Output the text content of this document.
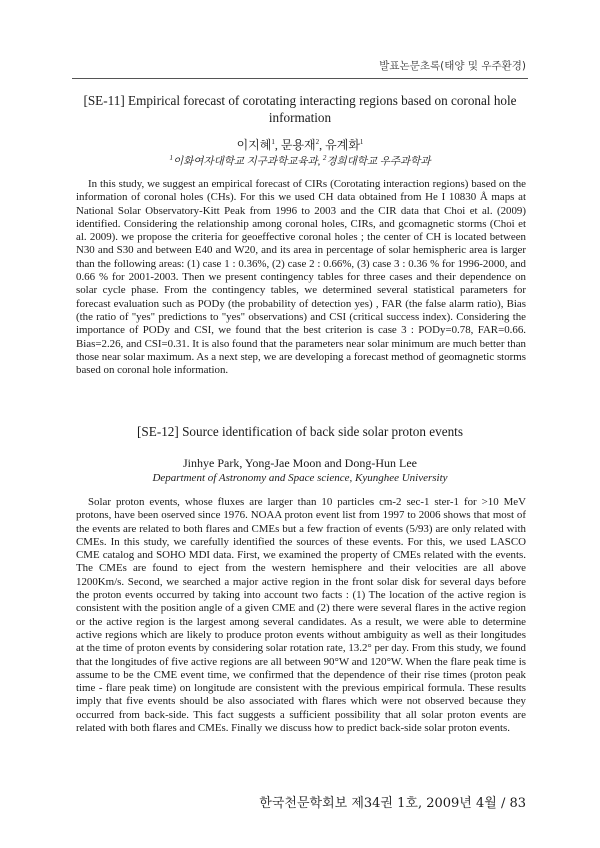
발표논문초록(태양 및 우주환경)
[SE-11] Empirical forecast of corotating interacting regions based on coronal hole information
이지혜$^1$, 문용재$^2$, 유계화$^1$
$^1$이화여자대학교 지구과학교육과, $^2$경희대학교 우주과학과
In this study, we suggest an empirical forecast of CIRs (Corotating interaction regions) based on the information of coronal holes (CHs). For this we used CH data obtained from He I 10830 Å maps at National Solar Observatory-Kitt Peak from 1996 to 2003 and the CIR data that Choi et al. (2009) identified. Considering the relationship among coronal holes, CIRs, and gcomagnetic storms (Choi et al. 2009). we propose the criteria for geoeffective coronal holes ; the center of CH is located between N30 and S30 and between E40 and W20, and its area in percentage of solar hemispheric area is larger than the following areas: (1) case 1 : 0.36%, (2) case 2 : 0.66%, (3) case 3 : 0.36 % for 1996-2000, and 0.66 % for 2001-2003. Then we present contingency tables for three cases and their dependence on solar cycle phase. From the contingency tables, we determined several statistical parameters for forecast evaluation such as PODy (the probability of detection yes) , FAR (the false alarm ratio), Bias (the ratio of "yes" predictions to "yes" observations) and CSI (critical success index). Considering the importance of PODy and CSI, we found that the best criterion is case 3 : PODy=0.78, FAR=0.66. Bias=2.26, and CSI=0.31. It is also found that the parameters near solar minimum are much better than those near solar maximum. As a next step, we are developing a forecast method of geomagnetic storms based on coronal hole information.
[SE-12] Source identification of back side solar proton events
Jinhye Park, Yong-Jae Moon and Dong-Hun Lee
Department of Astronomy and Space science, Kyunghee University
Solar proton events, whose fluxes are larger than 10 particles cm-2 sec-1 ster-1 for >10 MeV protons, have been oserved since 1976. NOAA proton event list from 1997 to 2006 shows that most of the events are related to both flares and CMEs but a few fraction of events (5/93) are only related with CMEs. In this study, we carefully identified the sources of these events. For this, we used LASCO CME catalog and SOHO MDI data. First, we examined the property of CMEs related with the events. The CMEs are found to eject from the western hemisphere and their velocities are all above 1200Km/s. Second, we searched a major active region in the front solar disk for several days before the proton events occurred by taking into account two facts : (1) The location of the active region is consistent with the position angle of a given CME and (2) there were several flares in the active region or the active region is the largest among several candidates. As a result, we were able to determine active regions which are likely to produce proton events without ambiguity as well as their longitudes at the time of proton events by considering solar rotation rate, 13.2° per day. From this study, we found that the longitudes of five active regions are all between 90°W and 120°W. When the flare peak time is assume to be the CME event time, we confirmed that the dependence of their rise times (proton peak time - flare peak time) on longitude are consistent with the previous empirical formula. These results imply that five events should be also associated with flares which were not observed because they occurred from back-side. This fact suggests a sufficient possibility that all solar proton events are related with both flares and CMEs. Finally we discuss how to predict back-side solar proton events.
한국천문학회보 제34권 1호, 2009년 4월 / 83
